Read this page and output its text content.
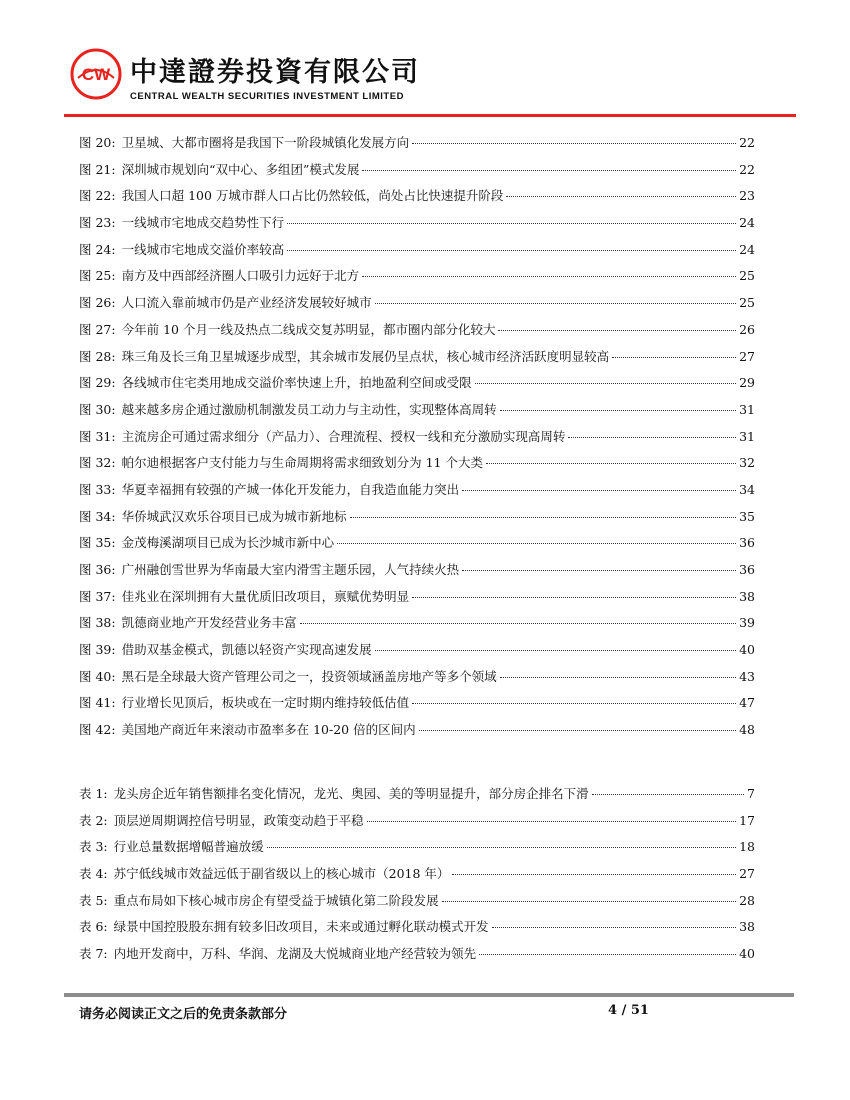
CW 中達證券投資有限公司
CENTRAL WEALTH SECURITIES INVESTMENT LIMITED
图 20: 卫星城、大都市圈将是我国下一阶段城镇化发展方向	22
图 21: 深圳城市规划向“双中心、多组团”模式发展	22
图 22: 我国人口超 100 万城市群人口占比仍然较低，尚处占比快速提升阶段	23
图 23: 一线城市宅地成交趋势性下行	24
图 24: 一线城市宅地成交溢价率较高	24
图 25: 南方及中西部经济圈人口吸引力远好于北方	25
图 26: 人口流入靠前城市仍是产业经济发展较好城市	25
图 27: 今年前 10 个月一线及热点二线成交复苏明显，都市圈内部分化较大	26
图 28: 珠三角及长三角卫星城逐步成型，其余城市发展仍呈点状，核心城市经济活跃度明显较高	27
图 29: 各线城市住宅类用地成交溢价率快速上升，拍地盈利空间或受限	29
图 30: 越来越多房企通过激励机制激发员工动力与主动性，实现整体高周转	31
图 31: 主流房企可通过需求细分（产品力）、合理流程、授权一线和充分激励实现高周转	31
图 32: 帕尔迪根据客户支付能力与生命周期将需求细致划分为 11 个大类	32
图 33: 华夏幸福拥有较强的产城一体化开发能力，自我造血能力突出	34
图 34: 华侨城武汉欢乐谷项目已成为城市新地标	35
图 35: 金茂梅溪湖项目已成为长沙城市新中心	36
图 36: 广州融创雪世界为华南最大室内滑雪主题乐园，人气持续火热	36
图 37: 佳兆业在深圳拥有大量优质旧改项目，禀赋优势明显	38
图 38: 凯德商业地产开发经营业务丰富	39
图 39: 借助双基金模式，凯德以轻资产实现高速发展	40
图 40: 黑石是全球最大资产管理公司之一，投资领域涵盖房地产等多个领域	43
图 41: 行业增长见顶后，板块或在一定时期内维持较低估值	47
图 42: 美国地产商近年来滚动市盈率多在 10-20 倍的区间内	48
表 1: 龙头房企近年销售额排名变化情况，龙光、奥园、美的等明显提升，部分房企排名下滑	7
表 2: 顶层逆周期调控信号明显，政策变动趋于平稳	17
表 3: 行业总量数据增幅普遍放缓	18
表 4: 苏宁低线城市效益远低于副省级以上的核心城市（2018 年）	27
表 5: 重点布局如下核心城市房企有望受益于城镇化第二阶段发展	28
表 6: 绿景中国控股股东拥有较多旧改项目，未来或通过孵化联动模式开发	38
表 7: 内地开发商中，万科、华润、龙湖及大悦城商业地产经营较为领先	40
请务必阅读正文之后的免责条款部分	4 / 51
